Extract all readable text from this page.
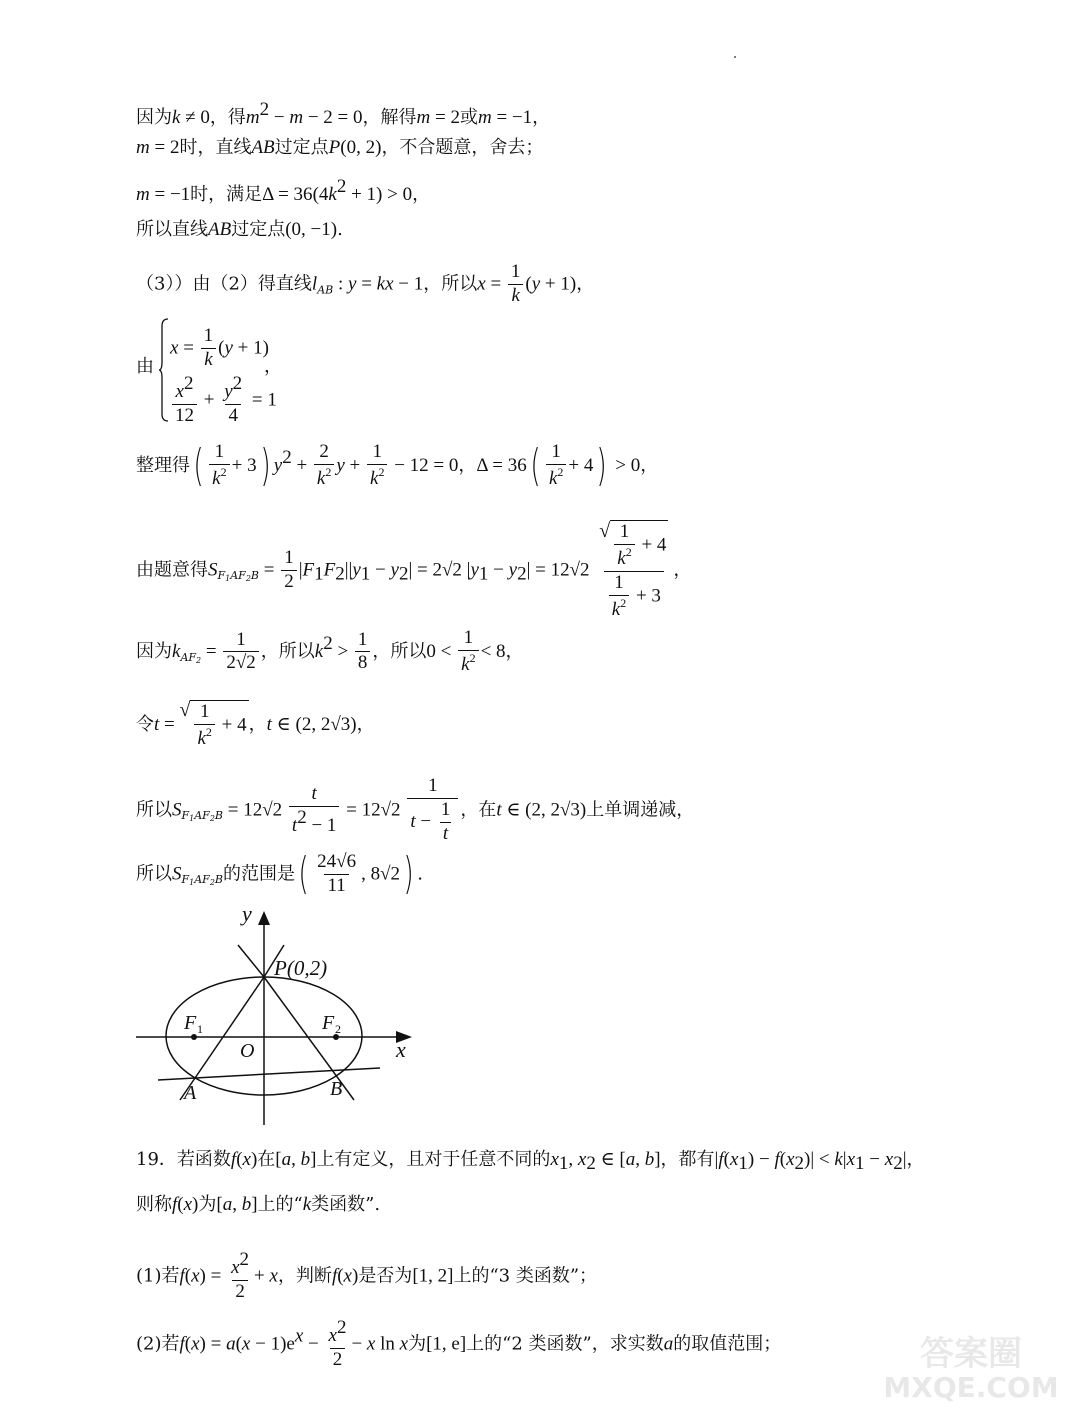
因为k ≠ 0，得$m^2 - m - 2 = 0$，解得m = 2或m = −1，
m = 2时，直线AB过定点P(0, 2)，不合题意，舍去；
m = −1时，满足$\Delta = 36(4k^2 + 1) > 0$，
所以直线AB过定点(0, −1).
（3））由（2）得直线$l_{AB}$ : y = kx − 1，所以$x = \frac{1}{k} (y + 1)$，
由
$x = \frac{1}{k} (y + 1)$
$\frac{x^2}{12} + \frac{y^2}{4} = 1$
，
整理得( $\frac{1}{k^2} + 3$) $y^2 + \frac{2}{k^2}$ $y + \frac{1}{k^2} - 12 = 0$，$\Delta = 36( \frac{1}{k^2} + 4) > 0$，
由题意得$S_{F_1AF_2B} = \frac{1}{2} |F_1F_2||y_1 - y_2| = 2√2$ $|y_1 - y_2| = 12√2 \frac{√ \frac{1}{k^2} + 4}{\frac{1}{k^2} + 3}$ ，
因为$k_{AF_2} = \frac{1}{2√2}$ ，所以$k^2 > \frac{1}{8}$ ，所以$0 < \frac{1}{k^2} < 8$，
令t =
√ $\frac{1}{k^2} + 4$ ，t ∈ (2, 2√3)，
所以$S_{F_1AF_2B} = 12√2 \frac{t}{t^2 - 1} = 12√2 \frac{1}{t - \frac{1}{t}}$ ，在t ∈ (2, 2√3)上单调递减，
所以$S_{F_1AF_2B}$的范围是( $\frac{24√6}{11}$ , 8√2) .
y
x
O
P(0,2)
F 1	F 2
A	B
19．若函数f(x)在[a, b]上有定义，且对于任意不同的$x_1$, $x_2$ ∈ [a, b]，都有$|f(x_1) - f(x_2)| < k|x_1 - x_2|$，
则称f(x)为[a, b]上的“k类函数”.
(1)若$f(x) = \frac{x^2}{2} + x$，判断f(x)是否为[1, 2]上的“3 类函数”；
(2)若$f(x) = a(x - 1)e^x - \frac{x^2}{2} - x$ ln x为[1, e]上的“2 类函数”，求实数a的取值范围；	答案圈
MXQE.COM
